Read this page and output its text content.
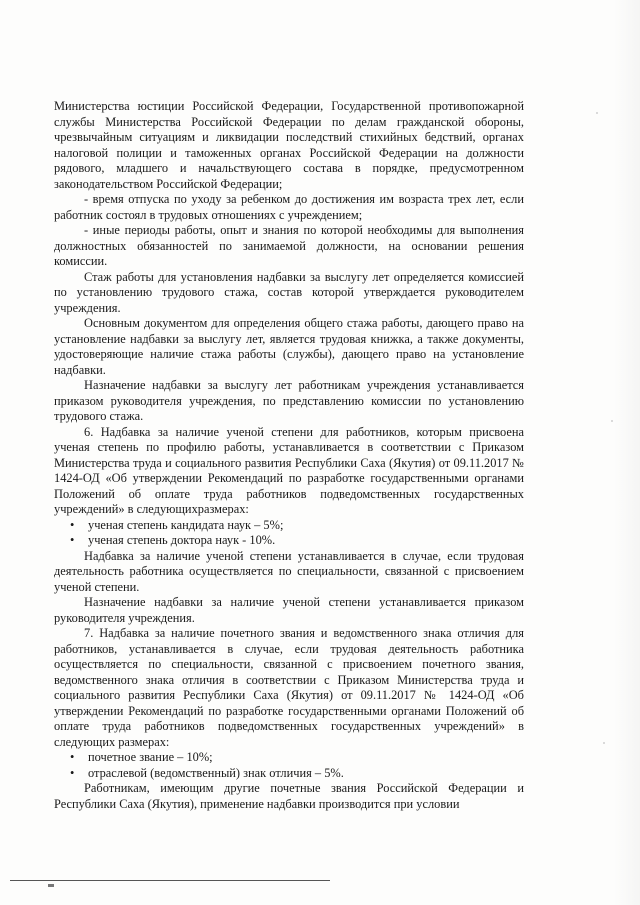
Министерства юстиции Российской Федерации, Государственной противопожарной службы Министерства Российской Федерации по делам гражданской обороны, чрезвычайным ситуациям и ликвидации последствий стихийных бедствий, органах налоговой полиции и таможенных органах Российской Федерации на должности рядового, младшего и начальствующего состава в порядке, предусмотренном законодательством Российской Федерации;

- время отпуска по уходу за ребенком до достижения им возраста трех лет, если работник состоял в трудовых отношениях с учреждением;

- иные периоды работы, опыт и знания по которой необходимы для выполнения должностных обязанностей по занимаемой должности, на основании решения комиссии.

Стаж работы для установления надбавки за выслугу лет определяется комиссией по установлению трудового стажа, состав которой утверждается руководителем учреждения.

Основным документом для определения общего стажа работы, дающего право на установление надбавки за выслугу лет, является трудовая книжка, а также документы, удостоверяющие наличие стажа работы (службы), дающего право на установление надбавки.

Назначение надбавки за выслугу лет работникам учреждения устанавливается приказом руководителя учреждения, по представлению комиссии по установлению трудового стажа.

6. Надбавка за наличие ученой степени для работников, которым присвоена ученая степень по профилю работы, устанавливается в соответствии с Приказом Министерства труда и социального развития Республики Саха (Якутия) от 09.11.2017 № 1424-ОД «Об утверждении Рекомендаций по разработке государственными органами Положений об оплате труда работников подведомственных государственных учреждений» в следующихразмерах:

•	ученая степень кандидата наук – 5%;
•	ученая степень доктора наук - 10%.

Надбавка за наличие ученой степени устанавливается в случае, если трудовая деятельность работника осуществляется по специальности, связанной с присвоением ученой степени.

Назначение надбавки за наличие ученой степени устанавливается приказом руководителя учреждения.

7. Надбавка за наличие почетного звания и ведомственного знака отличия для работников, устанавливается в случае, если трудовая деятельность работника осуществляется по специальности, связанной с присвоением почетного звания, ведомственного знака отличия в соответствии с Приказом Министерства труда и социального развития Республики Саха (Якутия) от 09.11.2017 № 1424-ОД «Об утверждении Рекомендаций по разработке государственными органами Положений об оплате труда работников подведомственных государственных учреждений» в следующих размерах:

•	почетное звание – 10%;
•	отраслевой (ведомственный) знак отличия – 5%.

Работникам, имеющим другие почетные звания Российской Федерации и Республики Саха (Якутия), применение надбавки производится при условии
